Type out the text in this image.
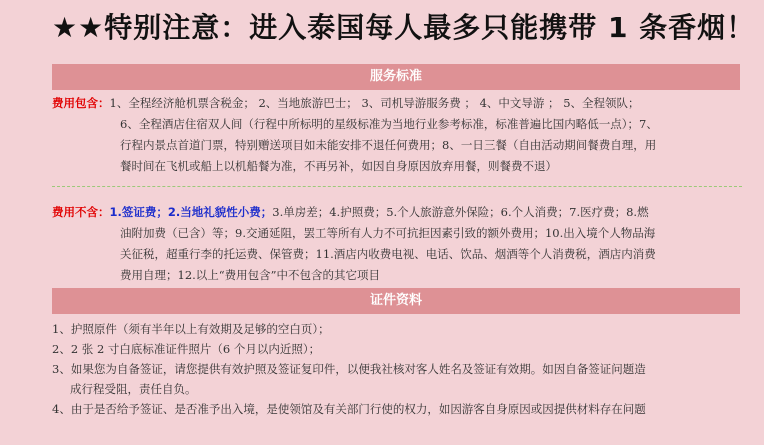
★★特别注意：进入泰国每人最多只能携带 1 条香烟！
服务标准
费用包含：1、全程经济舱机票含税金； 2、当地旅游巴士； 3、司机导游服务费 ； 4、中文导游 ； 5、全程领队；
6、全程酒店住宿双人间（行程中所标明的星级标准为当地行业参考标准，标准普遍比国内略低一点）；7、
行程内景点首道门票，特别赠送项目如未能安排不退任何费用；8、一日三餐（自由活动期间餐费自理，用
餐时间在飞机或船上以机船餐为准，不再另补，如因自身原因放弃用餐，则餐费不退）
费用不含：1.签证费；2.当地礼貌性小费；3.单房差；4.护照费；5.个人旅游意外保险；6.个人消费；7.医疗费；8.燃
油附加费（已含）等；9.交通延阻，罢工等所有人力不可抗拒因素引致的额外费用；10.出入境个人物品海
关征税，超重行李的托运费、保管费；11.酒店内收费电视、电话、饮品、烟酒等个人消费税，酒店内消费
费用自理；12.以上“费用包含”中不包含的其它项目
证件资料
1、护照原件（须有半年以上有效期及足够的空白页）；
2、2 张 2 寸白底标准证件照片（6 个月以内近照）；
3、如果您为自备签证，请您提供有效护照及签证复印件，以便我社核对客人姓名及签证有效期。如因自备签证问题造
成行程受阻，责任自负。
4、由于是否给予签证、是否准予出入境，是使领馆及有关部门行使的权力，如因游客自身原因或因提供材料存在问题
